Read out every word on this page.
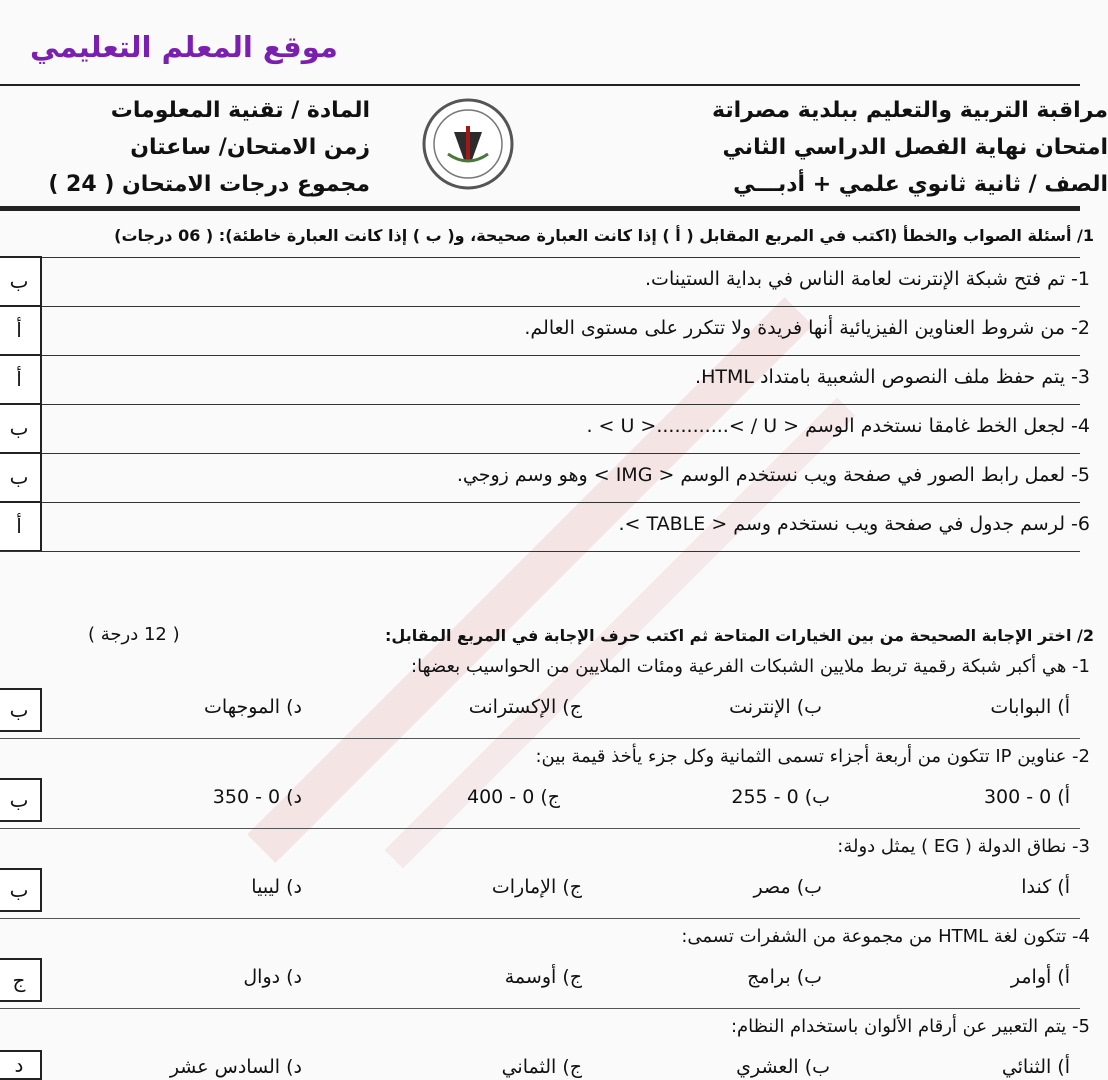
موقع المعلم التعليمي
مراقبة التربية والتعليم ببلدية مصراتة
امتحان نهاية الفصل الدراسي الثاني
الصف / ثانية ثانوي علمي + أدبـــي
المادة / تقنية المعلومات
زمن الامتحان/ ساعتان
مجموع درجات الامتحان ( 24 )
1/ أسئلة الصواب والخطأ (اكتب في المربع المقابل ( أ ) إذا كانت العبارة صحيحة، و( ب ) إذا كانت العبارة خاطئة): ( 06 درجات)
1- تم فتح شبكة الإنترنت لعامة الناس في بداية الستينات.
ب
2- من شروط العناوين الفيزيائية أنها فريدة ولا تتكرر على مستوى العالم.
أ
3- يتم حفظ ملف النصوص الشعبية بامتداد HTML.
أ
4- لجعل الخط غامقا نستخدم الوسم < U >............< / U > .
ب
5- لعمل رابط الصور في صفحة ويب نستخدم الوسم < IMG > وهو وسم زوجي.
ب
6- لرسم جدول في صفحة ويب نستخدم وسم < TABLE >.
أ
2/ اختر الإجابة الصحيحة من بين الخيارات المتاحة ثم اكتب حرف الإجابة في المربع المقابل:
( 12 درجة )
1- هي أكبر شبكة رقمية تربط ملايين الشبكات الفرعية ومئات الملايين من الحواسيب بعضها:
أ) البوابات
ب) الإنترنت
ج) الإكسترانت
د) الموجهات
ب
2- عناوين IP تتكون من أربعة أجزاء تسمى الثمانية وكل جزء يأخذ قيمة بين:
أ) 0 - 300
ب) 0 - 255
ج) 0 - 400
د) 0 - 350
ب
3- نطاق الدولة ( EG ) يمثل دولة:
أ) كندا
ب) مصر
ج) الإمارات
د) ليبيا
ب
4- تتكون لغة HTML من مجموعة من الشفرات تسمى:
أ) أوامر
ب) برامج
ج) أوسمة
د) دوال
ج
5- يتم التعبير عن أرقام الألوان باستخدام النظام:
أ) الثنائي
ب) العشري
ج) الثماني
د) السادس عشر
د
